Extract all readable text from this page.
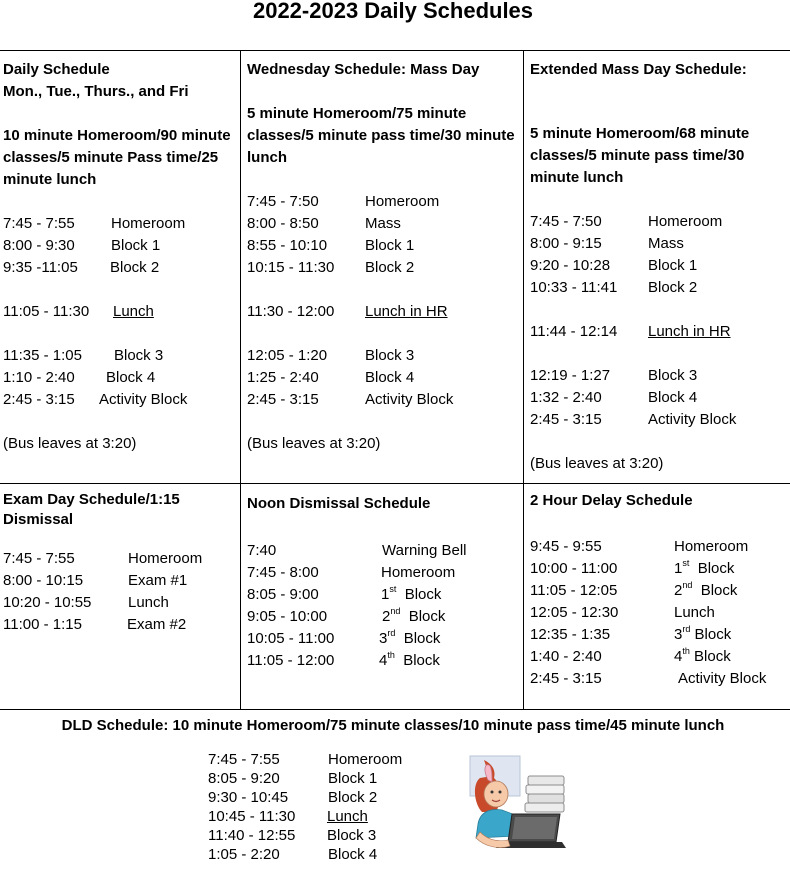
2022-2023 Daily Schedules
Daily Schedule
Mon., Tue., Thurs., and Fri
10 minute Homeroom/90 minute classes/5 minute Pass time/25 minute lunch
7:45 - 7:55	Homeroom
8:00 - 9:30	Block 1
9:35 -11:05	Block 2
11:05 - 11:30	Lunch
11:35 - 1:05	Block 3
1:10 - 2:40	Block 4
2:45 - 3:15	Activity Block
(Bus leaves at 3:20)
Wednesday Schedule: Mass Day
5 minute Homeroom/75 minute classes/5 minute pass time/30 minute lunch
7:45 - 7:50	Homeroom
8:00 - 8:50	Mass
8:55 - 10:10	Block 1
10:15 - 11:30	Block 2
11:30 - 12:00	Lunch in HR
12:05 - 1:20	Block 3
1:25 - 2:40	Block 4
2:45 - 3:15	Activity Block
(Bus leaves at 3:20)
Extended Mass Day Schedule:
5 minute Homeroom/68 minute classes/5 minute pass time/30 minute lunch
7:45 - 7:50	Homeroom
8:00 - 9:15	Mass
9:20 - 10:28	Block 1
10:33 - 11:41	Block 2
11:44 - 12:14	Lunch in HR
12:19 - 1:27	Block 3
1:32 - 2:40	Block 4
2:45 - 3:15	Activity Block
(Bus leaves at 3:20)
Exam Day Schedule/1:15
Dismissal
7:45 - 7:55	Homeroom
8:00 - 10:15	Exam #1
10:20 - 10:55	Lunch
11:00 - 1:15	Exam #2
Noon Dismissal Schedule
7:40	Warning Bell
7:45 - 8:00	Homeroom
8:05 - 9:00	1st Block
9:05 - 10:00	2nd Block
10:05 - 11:00	3rd Block
11:05 - 12:00	4th Block
2 Hour Delay Schedule
9:45 - 9:55	Homeroom
10:00 - 11:00	1st Block
11:05 - 12:05	2nd Block
12:05 - 12:30	Lunch
12:35 - 1:35	3rd Block
1:40 - 2:40	4th Block
2:45 - 3:15	Activity Block
DLD Schedule: 10 minute Homeroom/75 minute classes/10 minute pass time/45 minute lunch
7:45 - 7:55	Homeroom
8:05 - 9:20	Block 1
9:30 - 10:45	Block 2
10:45 - 11:30	Lunch
11:40 - 12:55	Block 3
1:05 - 2:20	Block 4
